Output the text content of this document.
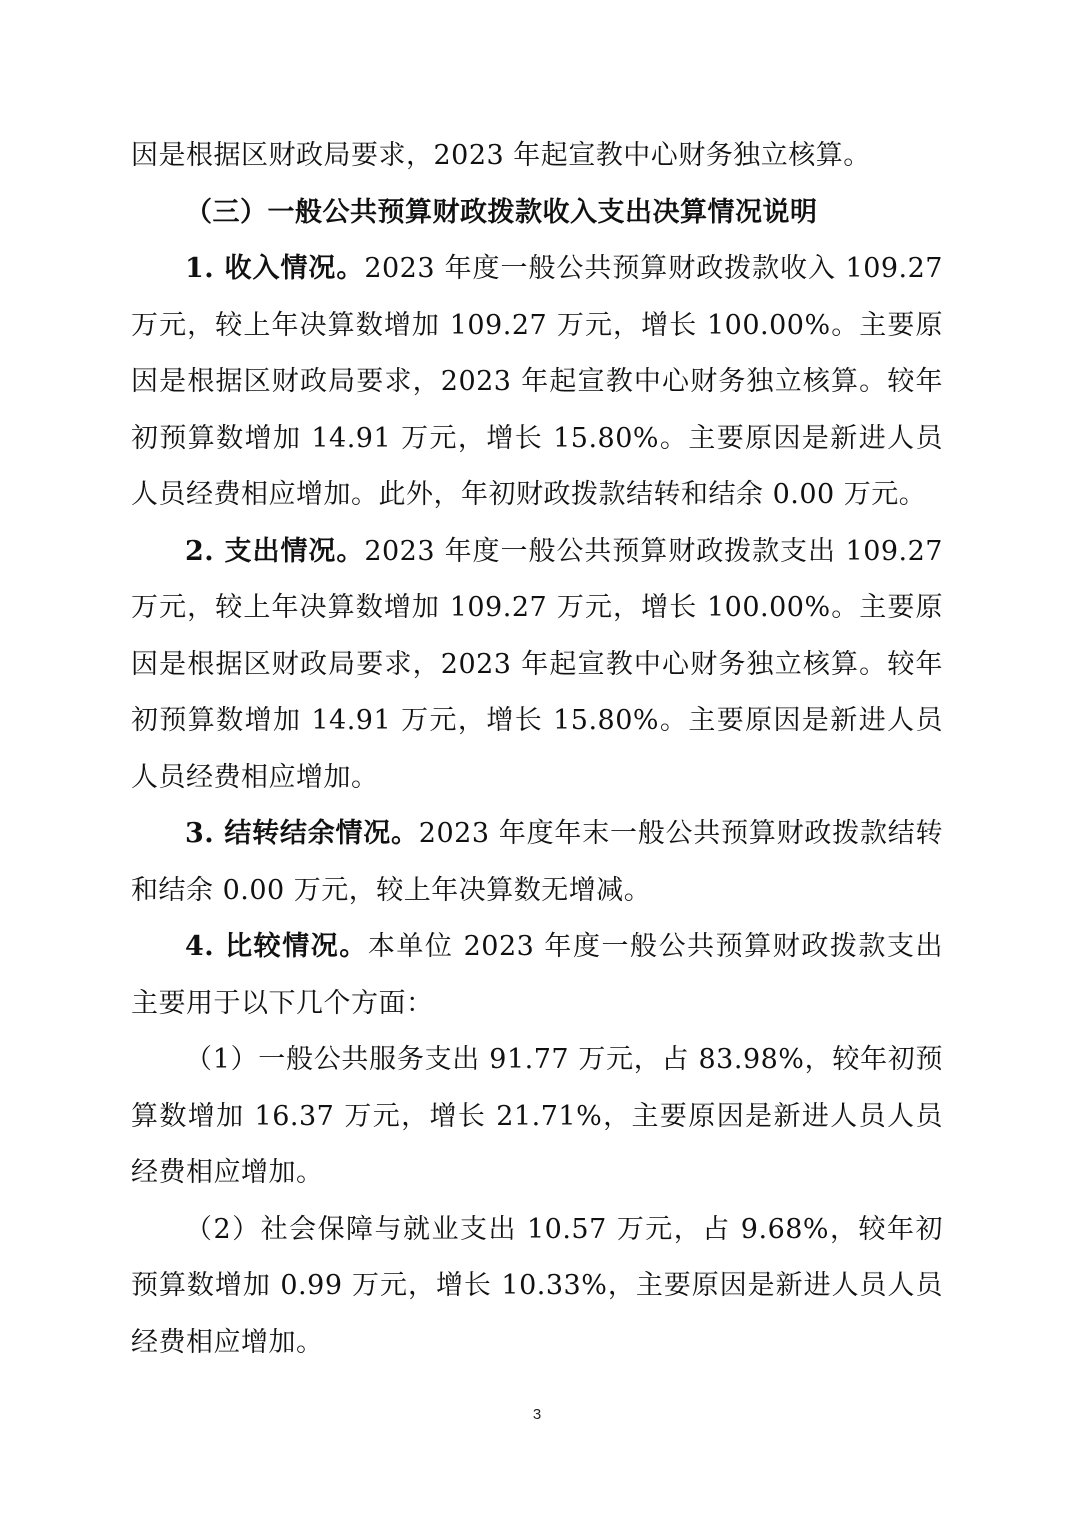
因是根据区财政局要求，2023 年起宣教中心财务独立核算。

（三）一般公共预算财政拨款收入支出决算情况说明

1. 收入情况。2023 年度一般公共预算财政拨款收入 109.27 万元，较上年决算数增加 109.27 万元，增长 100.00%。主要原因是根据区财政局要求，2023 年起宣教中心财务独立核算。较年初预算数增加 14.91 万元，增长 15.80%。主要原因是新进人员人员经费相应增加。此外，年初财政拨款结转和结余 0.00 万元。

2. 支出情况。2023 年度一般公共预算财政拨款支出 109.27 万元，较上年决算数增加 109.27 万元，增长 100.00%。主要原因是根据区财政局要求，2023 年起宣教中心财务独立核算。较年初预算数增加 14.91 万元，增长 15.80%。主要原因是新进人员人员经费相应增加。

3. 结转结余情况。2023 年度年末一般公共预算财政拨款结转和结余 0.00 万元，较上年决算数无增减。

4. 比较情况。本单位 2023 年度一般公共预算财政拨款支出主要用于以下几个方面：

（1）一般公共服务支出 91.77 万元，占 83.98%，较年初预算数增加 16.37 万元，增长 21.71%，主要原因是新进人员人员经费相应增加。

（2）社会保障与就业支出 10.57 万元，占 9.68%，较年初预算数增加 0.99 万元，增长 10.33%，主要原因是新进人员人员经费相应增加。

3
